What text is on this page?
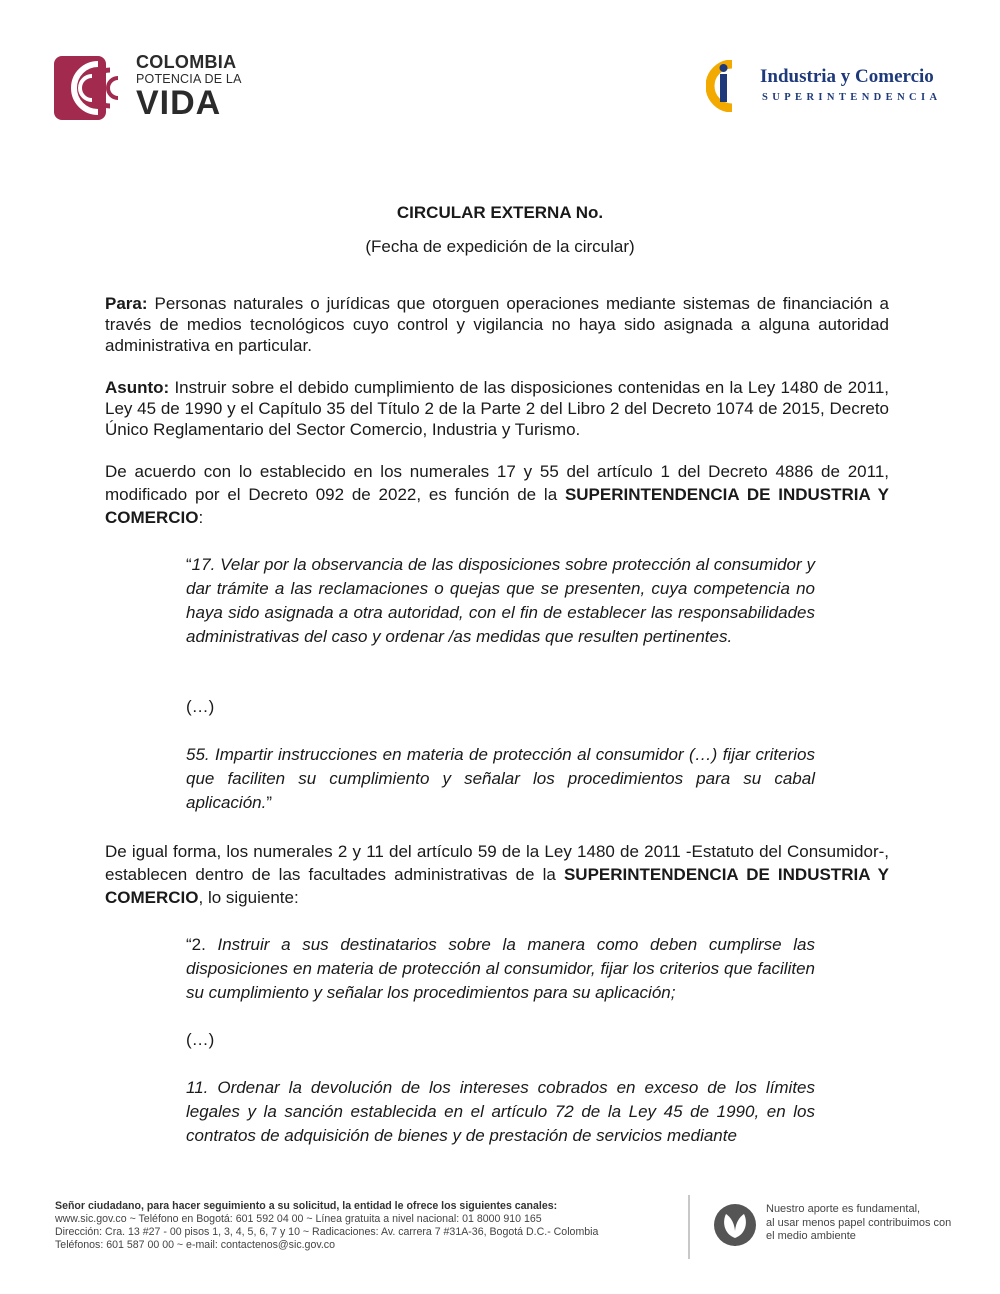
COLOMBIA
POTENCIA DE LA
VIDA
Industria y Comercio
SUPERINTENDENCIA
CIRCULAR EXTERNA No.
(Fecha de expedición de la circular)

Para: Personas naturales o jurídicas que otorguen operaciones mediante sistemas de financiación a través de medios tecnológicos cuyo control y vigilancia no haya sido asignada a alguna autoridad administrativa en particular.

Asunto: Instruir sobre el debido cumplimiento de las disposiciones contenidas en la Ley 1480 de 2011, Ley 45 de 1990 y el Capítulo 35 del Título 2 de la Parte 2 del Libro 2 del Decreto 1074 de 2015, Decreto Único Reglamentario del Sector Comercio, Industria y Turismo.

De acuerdo con lo establecido en los numerales 17 y 55 del artículo 1 del Decreto 4886 de 2011, modificado por el Decreto 092 de 2022, es función de la SUPERINTENDENCIA DE INDUSTRIA Y COMERCIO:

“17. Velar por la observancia de las disposiciones sobre protección al consumidor y dar trámite a las reclamaciones o quejas que se presenten, cuya competencia no haya sido asignada a otra autoridad, con el fin de establecer las responsabilidades administrativas del caso y ordenar /as medidas que resulten pertinentes.

(…)

55. Impartir instrucciones en materia de protección al consumidor (…) fijar criterios que faciliten su cumplimiento y señalar los procedimientos para su cabal aplicación.”

De igual forma, los numerales 2 y 11 del artículo 59 de la Ley 1480 de 2011 -Estatuto del Consumidor-, establecen dentro de las facultades administrativas de la SUPERINTENDENCIA DE INDUSTRIA Y COMERCIO, lo siguiente:

“2. Instruir a sus destinatarios sobre la manera como deben cumplirse las disposiciones en materia de protección al consumidor, fijar los criterios que faciliten su cumplimiento y señalar los procedimientos para su aplicación;

(…)

11. Ordenar la devolución de los intereses cobrados en exceso de los límites legales y la sanción establecida en el artículo 72 de la Ley 45 de 1990, en los contratos de adquisición de bienes y de prestación de servicios mediante

Señor ciudadano, para hacer seguimiento a su solicitud, la entidad le ofrece los siguientes canales:
www.sic.gov.co ~ Teléfono en Bogotá: 601 592 04 00 ~ Línea gratuita a nivel nacional: 01 8000 910 165
Dirección: Cra. 13 #27 - 00 pisos 1, 3, 4, 5, 6, 7 y 10 ~ Radicaciones: Av. carrera 7 #31A-36, Bogotá D.C.- Colombia
Teléfonos: 601 587 00 00 ~ e-mail: contactenos@sic.gov.co
Nuestro aporte es fundamental,
al usar menos papel contribuimos con
el medio ambiente
